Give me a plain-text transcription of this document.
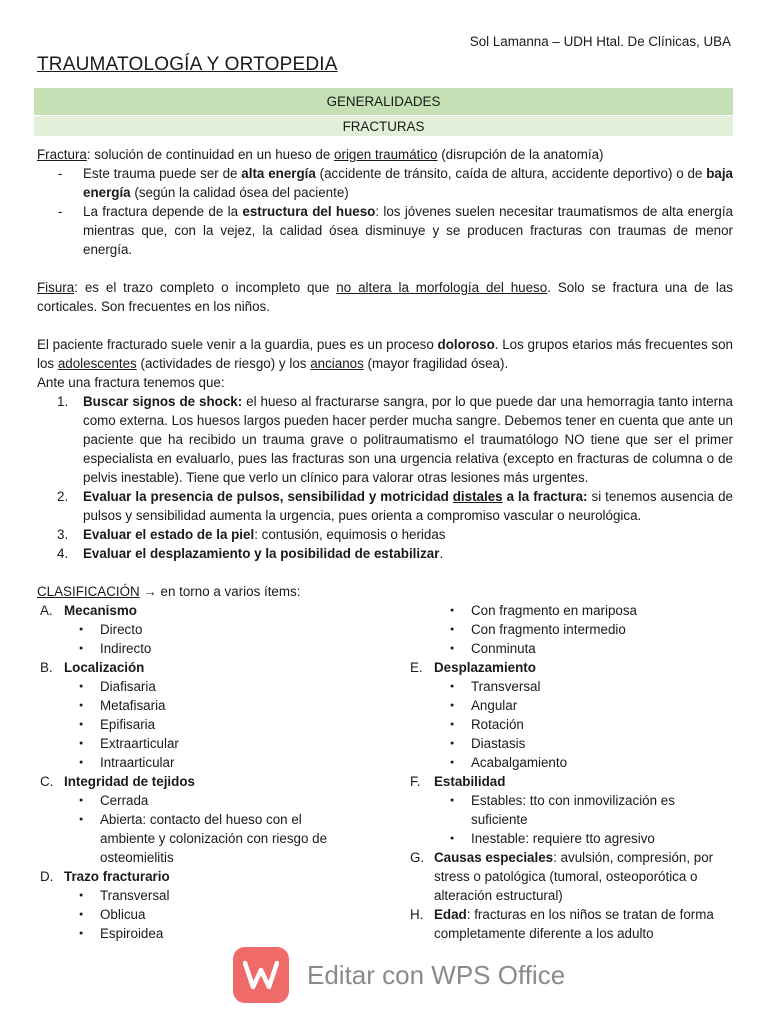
Sol Lamanna – UDH Htal. De Clínicas, UBA
TRAUMATOLOGÍA Y ORTOPEDIA
GENERALIDADES
FRACTURAS

Fractura: solución de continuidad en un hueso de origen traumático (disrupción de la anatomía)

- Este trauma puede ser de alta energía (accidente de tránsito, caída de altura, accidente deportivo) o de baja energía (según la calidad ósea del paciente)
- La fractura depende de la estructura del hueso: los jóvenes suelen necesitar traumatismos de alta energía mientras que, con la vejez, la calidad ósea disminuye y se producen fracturas con traumas de menor energía.

Fisura: es el trazo completo o incompleto que no altera la morfología del hueso. Solo se fractura una de las corticales. Son frecuentes en los niños.

El paciente fracturado suele venir a la guardia, pues es un proceso doloroso. Los grupos etarios más frecuentes son los adolescentes (actividades de riesgo) y los ancianos (mayor fragilidad ósea).

Ante una fractura tenemos que:

1. Buscar signos de shock: el hueso al fracturarse sangra, por lo que puede dar una hemorragia tanto interna como externa. Los huesos largos pueden hacer perder mucha sangre. Debemos tener en cuenta que ante un paciente que ha recibido un trauma grave o politraumatismo el traumatólogo NO tiene que ser el primer especialista en evaluarlo, pues las fracturas son una urgencia relativa (excepto en fracturas de columna o de pelvis inestable). Tiene que verlo un clínico para valorar otras lesiones más urgentes.
2. Evaluar la presencia de pulsos, sensibilidad y motricidad distales a la fractura: si tenemos ausencia de pulsos y sensibilidad aumenta la urgencia, pues orienta a compromiso vascular o neurológica.
3. Evaluar el estado de la piel: contusión, equimosis o heridas
4. Evaluar el desplazamiento y la posibilidad de estabilizar.
CLASIFICACIÓN → en torno a varios ítems:
A. Mecanismo
● Directo
● Indirecto
B. Localización
● Diafisaria
● Metafisaria
● Epifisaria
● Extraarticular
● Intraarticular
C. Integridad de tejidos
● Cerrada
● Abierta: contacto del hueso con el ambiente y colonización con riesgo de osteomielitis
D. Trazo fracturario
● Transversal
● Oblicua
● Espiroidea
● Con fragmento en mariposa
● Con fragmento intermedio
● Conminuta
E. Desplazamiento
● Transversal
● Angular
● Rotación
● Diastasis
● Acabalgamiento
F. Estabilidad
● Estables: tto con inmovilización es suficiente
● Inestable: requiere tto agresivo
G. Causas especiales: avulsión, compresión, por stress o patológica (tumoral, osteoporótica o alteración estructural)
H. Edad: fracturas en los niños se tratan de forma completamente diferente a los adulto
Editar con WPS Office
